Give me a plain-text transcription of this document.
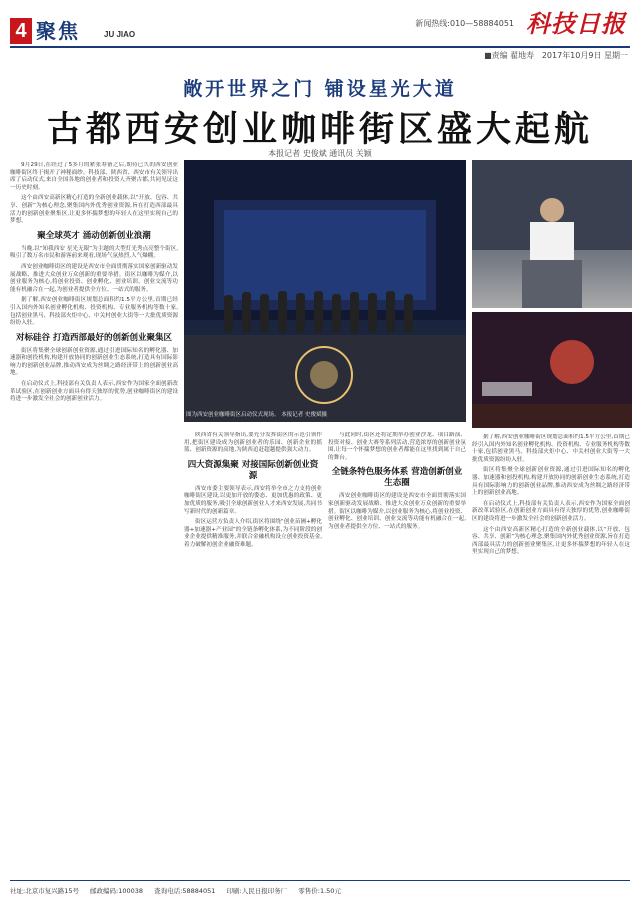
4 聚焦	JU JIAO
新闻热线:010—58884051 科技日报
■责编 翟地寿 2017年10月9日 星期一
敞开世界之门 铺设星光大道
古都西安创业咖啡街区盛大起航
本报记者 史俊斌 通讯员 关颖

9月29日,在经过了5多月的紧张筹备之后,期待已久的西安创业咖啡街区终于揭开了神秘面纱。科技部、陕西省、西安市有关领导出席了启动仪式,来自全国各地的创业者和投资人齐聚古都,共同见证这一历史时刻。

这个由西安高新区精心打造的全新创业载体,以“开放、包容、共享、创新”为核心理念,聚集国内外优秀创业资源,旨在打造西部最具活力的创新创业聚集区,让更多怀揣梦想的年轻人在这里实现自己的梦想。

聚全球英才 涌动创新创业浪潮

当晚,以“知我西安 星光无限”为主题的大型灯光秀点亮整个街区,吸引了数万名市民和游客前来观看,现场气氛热烈,人气爆棚。

西安创业咖啡街区的建设是西安市全面贯彻落实国家创新驱动发展战略、推进大众创业万众创新的重要举措。街区以咖啡为媒介,以创业服务为核心,将创业投资、创业孵化、创业培训、创业交流等功能有机融合在一起,为创业者提供全方位、一站式的服务。

据了解,西安创业咖啡街区规划总面积约1.5平方公里,首期已经引入国内外知名创业孵化机构、投资机构、专业服务机构等数十家,包括创业黑马、科技部火炬中心、中关村创业大街等一大批优质资源纷纷入驻。

对标硅谷 打造西部最好的创新创业聚集区

街区将集聚全球创新创业资源,通过引进国际知名的孵化器、加速器和创投机构,构建开放协同的创新创业生态系统,打造具有国际影响力的创新创业品牌,推动西安成为丝绸之路经济带上的创新创业高地。

在启动仪式上,科技部有关负责人表示,西安作为国家全面创新改革试验区,在创新创业方面具有得天独厚的优势,创业咖啡街区的建设将进一步激发全社会的创新创业活力。

图为西安创业咖啡街区启动仪式现场。 本报记者 史俊斌摄

陕西省有关领导指出,要充分发挥街区的示范引领作用,把街区建设成为创新创业者的乐园、创新企业的摇篮、创新资源的高地,为陕西追赶超越提供强大动力。

四大资源集聚 对接国际创新创业资源

西安市委主要领导表示,西安将举全市之力支持创业咖啡街区建设,以更加开放的姿态、更加优惠的政策、更加优质的服务,吸引全球创新创业人才来西安发展,共同书写新时代的创新篇章。

街区运营方负责人介绍,街区将围绕“创业苗圃+孵化器+加速器+产业园”的全链条孵化体系,为不同阶段的创业企业提供精准服务,并联合金融机构设立创业投资基金,着力破解初创企业融资难题。

与此同时,街区还将定期举办创业沙龙、项目路演、投资对接、创业大赛等系列活动,营造浓厚的创新创业氛围,让每一个怀揣梦想的创业者都能在这里找到属于自己的舞台。

全链条特色服务体系 营造创新创业生态圈

西安创业咖啡街区的建设是西安市全面贯彻落实国家创新驱动发展战略、推进大众创业万众创新的重要举措。街区以咖啡为媒介,以创业服务为核心,将创业投资、创业孵化、创业培训、创业交流等功能有机融合在一起,为创业者提供全方位、一站式的服务。

据了解,西安创业咖啡街区规划总面积约1.5平方公里,首期已经引入国内外知名创业孵化机构、投资机构、专业服务机构等数十家,包括创业黑马、科技部火炬中心、中关村创业大街等一大批优质资源纷纷入驻。

街区将集聚全球创新创业资源,通过引进国际知名的孵化器、加速器和创投机构,构建开放协同的创新创业生态系统,打造具有国际影响力的创新创业品牌,推动西安成为丝绸之路经济带上的创新创业高地。

在启动仪式上,科技部有关负责人表示,西安作为国家全面创新改革试验区,在创新创业方面具有得天独厚的优势,创业咖啡街区的建设将进一步激发全社会的创新创业活力。

这个由西安高新区精心打造的全新创业载体,以“开放、包容、共享、创新”为核心理念,聚集国内外优秀创业资源,旨在打造西部最具活力的创新创业聚集区,让更多怀揣梦想的年轻人在这里实现自己的梦想。

社址:北京市复兴路15号 邮政编码:100038 查询电话:58884051 印刷:人民日报印务厂 零售价:1.50元
